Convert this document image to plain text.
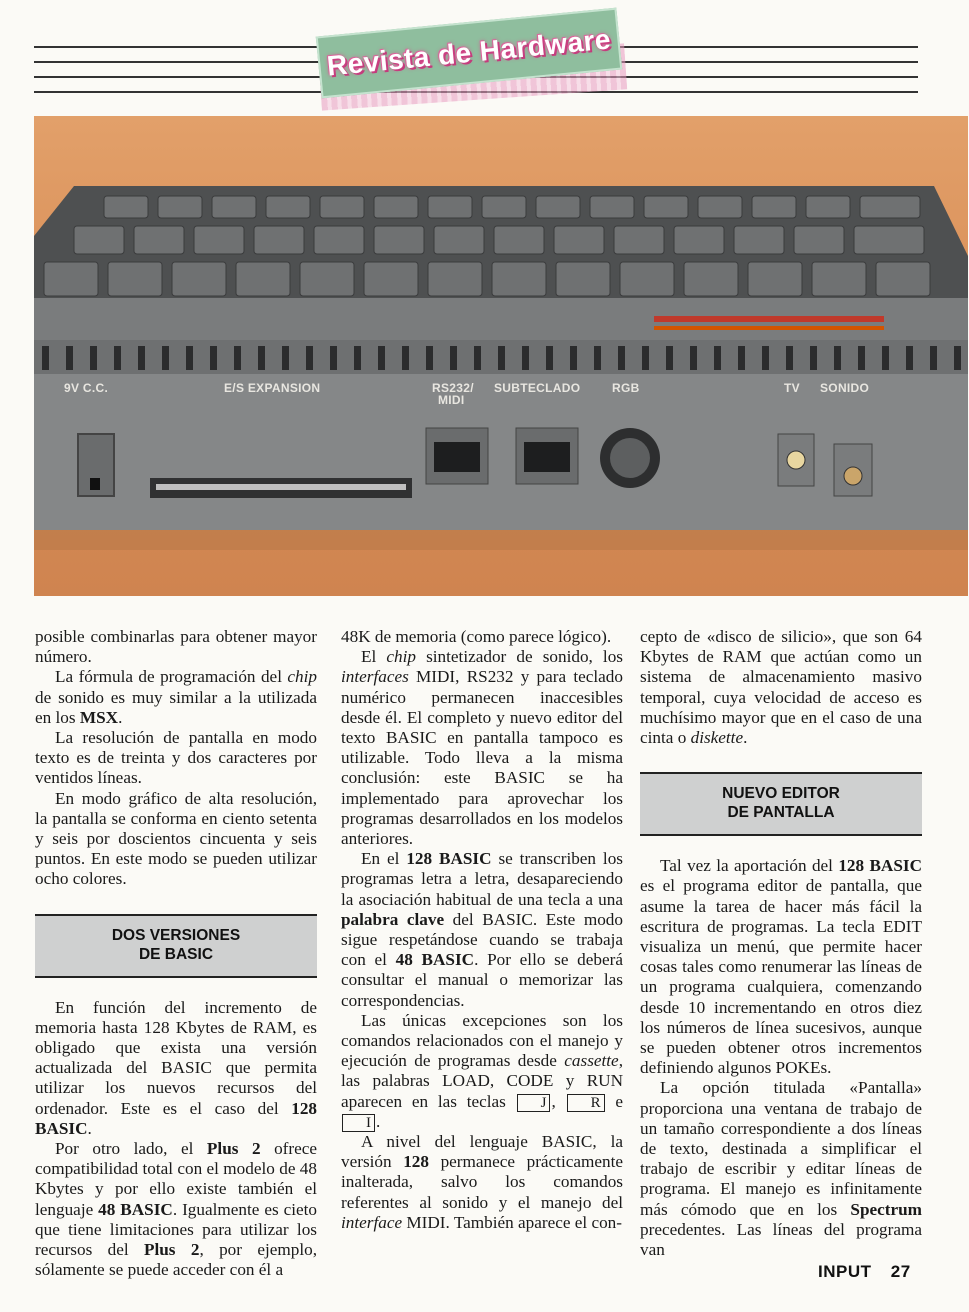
Revista de Hardware
9V C.C.	E/S EXPANSION	RS232/
MIDI
SUBTECLADO	RGB	TV SONIDO

posible combinarlas para obtener mayor número.

La fórmula de programación del chip de sonido es muy similar a la utilizada en los MSX.

La resolución de pantalla en modo texto es de treinta y dos caracteres por ventidos líneas.

En modo gráfico de alta resolución, la pantalla se conforma en ciento setenta y seis por doscientos cincuenta y seis puntos. En este modo se pueden utilizar ocho colores.

DOS VERSIONES
DE BASIC

En función del incremento de memoria hasta 128 Kbytes de RAM, es obligado que exista una versión actualizada del BASIC que permita utilizar los nuevos recursos del ordenador. Este es el caso del 128 BASIC.

Por otro lado, el Plus 2 ofrece compatibilidad total con el modelo de 48 Kbytes y por ello existe también el lenguaje 48 BASIC. Igualmente es cieto que tiene limitaciones para utilizar los recursos del Plus 2, por ejemplo, sólamente se puede acceder con él a

48K de memoria (como parece lógico).

El chip sintetizador de sonido, los interfaces MIDI, RS232 y para teclado numérico permanecen inaccesibles desde él. El completo y nuevo editor del texto BASIC en pantalla tampoco es utilizable. Todo lleva a la misma conclusión: este BASIC se ha implementado para aprovechar los programas desarrollados en los modelos anteriores.

En el 128 BASIC se transcriben los programas letra a letra, desapareciendo la asociación habitual de una tecla a una palabra clave del BASIC. Este modo sigue respetándose cuando se trabaja con el 48 BASIC. Por ello se deberá consultar el manual o memorizar las correspondencias.

Las únicas excepciones son los comandos relacionados con el manejo y ejecución de programas desde cassette, las palabras LOAD, CODE y RUN aparecen en las teclas J , R e I .

A nivel del lenguaje BASIC, la versión 128 permanece prácticamente inalterada, salvo los comandos referentes al sonido y el manejo del interface MIDI. También aparece el con-

cepto de «disco de silicio», que son 64 Kbytes de RAM que actúan como un sistema de almacenamiento masivo temporal, cuya velocidad de acceso es muchísimo mayor que en el caso de una cinta o diskette.

NUEVO EDITOR
DE PANTALLA

Tal vez la aportación del 128 BASIC es el programa editor de pantalla, que asume la tarea de hacer más fácil la escritura de programas. La tecla EDIT visualiza un menú, que permite hacer cosas tales como renumerar las líneas de un programa cualquiera, comenzando desde 10 incrementando en otros diez los números de línea sucesivos, aunque se pueden obtener otros incrementos definiendo algunos POKEs.

La opción titulada «Pantalla» proporciona una ventana de trabajo de un tamaño correspondiente a dos líneas de texto, destinada a simplificar el trabajo de escribir y editar líneas de programa. El manejo es infinitamente más cómodo que en los Spectrum precedentes. Las líneas del programa van

INPUT 27
